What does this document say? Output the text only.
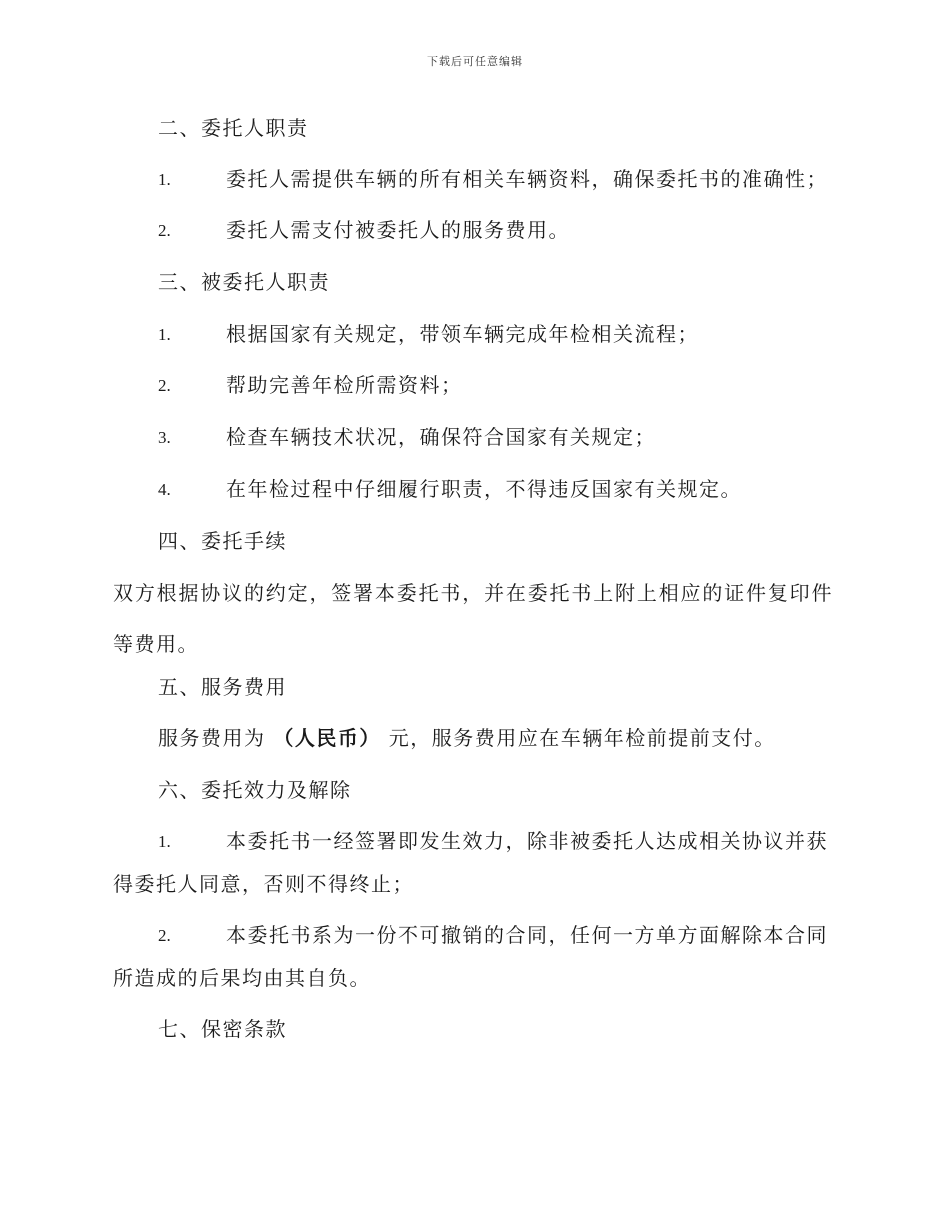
下载后可任意编辑
二、委托人职责
1.	委托人需提供车辆的所有相关车辆资料，确保委托书的准确性；
2.	委托人需支付被委托人的服务费用。
三、被委托人职责
1.	根据国家有关规定，带领车辆完成年检相关流程；
2.	帮助完善年检所需资料；
3.	检查车辆技术状况，确保符合国家有关规定；
4.	在年检过程中仔细履行职责，不得违反国家有关规定。
四、委托手续
双方根据协议的约定，签署本委托书，并在委托书上附上相应的证件复印件等费用。
五、服务费用
服务费用为 （人民币） 元，服务费用应在车辆年检前提前支付。
六、委托效力及解除
1.	本委托书一经签署即发生效力，除非被委托人达成相关协议并获
得委托人同意，否则不得终止；
2.	本委托书系为一份不可撤销的合同，任何一方单方面解除本合同
所造成的后果均由其自负。
七、保密条款
